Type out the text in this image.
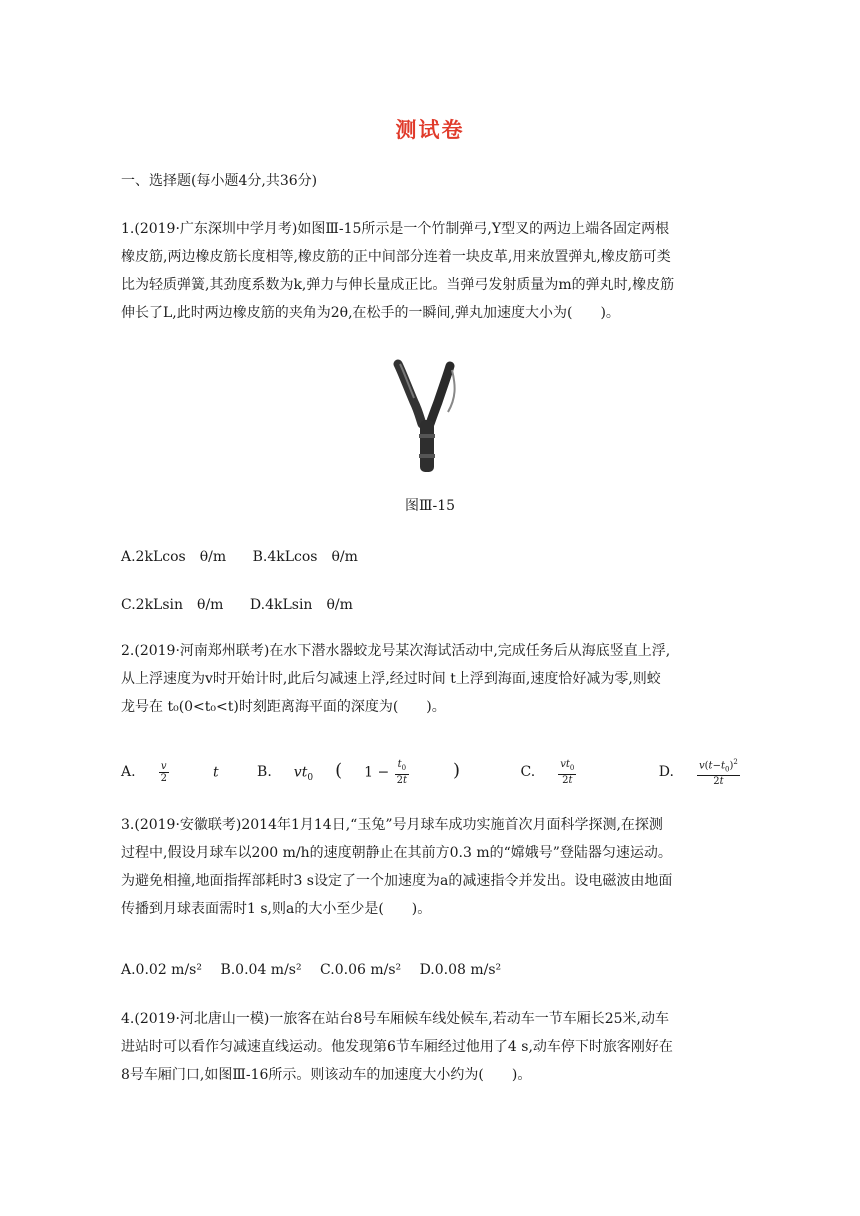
测试卷
一、选择题(每小题4分,共36分)
1.(2019·广东深圳中学月考)如图Ⅲ-15所示是一个竹制弹弓,Y型叉的两边上端各固定两根
橡皮筋,两边橡皮筋长度相等,橡皮筋的正中间部分连着一块皮革,用来放置弹丸,橡皮筋可类
比为轻质弹簧,其劲度系数为k,弹力与伸长量成正比。当弹弓发射质量为m的弹丸时,橡皮筋
伸长了L,此时两边橡皮筋的夹角为2θ,在松手的一瞬间,弹丸加速度大小为(　　)。
图Ⅲ-15
A.2kLcos　θ/m B.4kLcos　θ/m
C.2kLsin　θ/m D.4kLsin　θ/m
2.(2019·河南郑州联考)在水下潜水器蛟龙号某次海试活动中,完成任务后从海底竖直上浮,
从上浮速度为v时开始计时,此后匀减速上浮,经过时间 t上浮到海面,速度恰好减为零,则蛟
龙号在 t₀(0<t₀<t)时刻距离海平面的深度为(　　)。
A. $\frac{v}{2}$ t	B. vt0 ( $1 - \frac{t_0}{2t}$ )	C. $\frac{vt_0}{2t}$	D. $\frac{v(t-t_0)^2}{2t}$
3.(2019·安徽联考)2014年1月14日,“玉兔”号月球车成功实施首次月面科学探测,在探测
过程中,假设月球车以200 m/h的速度朝静止在其前方0.3 m的“嫦娥号”登陆器匀速运动。
为避免相撞,地面指挥部耗时3 s设定了一个加速度为a的减速指令并发出。设电磁波由地面
传播到月球表面需时1 s,则a的大小至少是(　　)。
A.0.02 m/s² B.0.04 m/s² C.0.06 m/s² D.0.08 m/s²
4.(2019·河北唐山一模)一旅客在站台8号车厢候车线处候车,若动车一节车厢长25米,动车
进站时可以看作匀减速直线运动。他发现第6节车厢经过他用了4 s,动车停下时旅客刚好在
8号车厢门口,如图Ⅲ-16所示。则该动车的加速度大小约为(　　)。
